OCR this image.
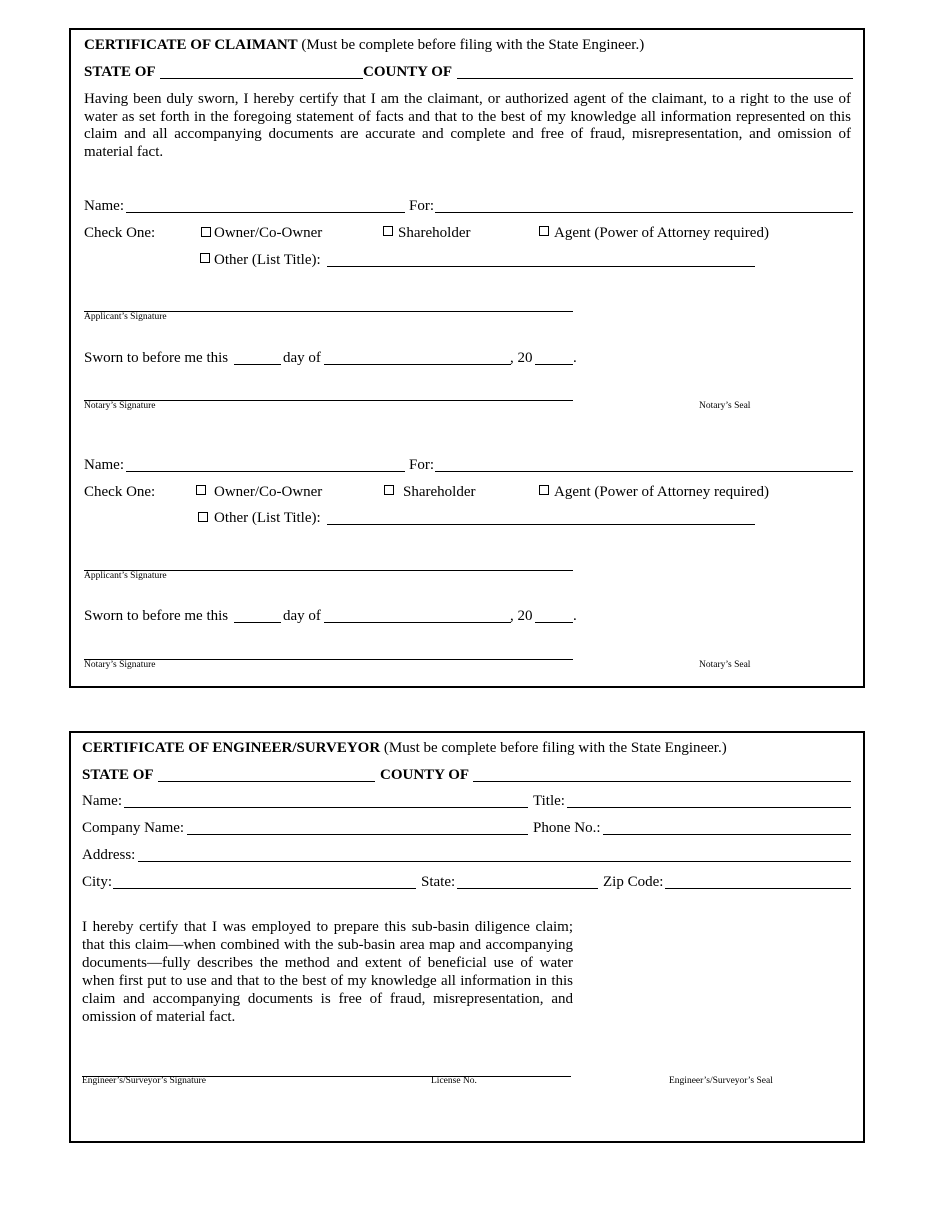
CERTIFICATE OF CLAIMANT (Must be complete before filing with the State Engineer.)
STATE OF	COUNTY OF
Having been duly sworn, I hereby certify that I am the claimant, or authorized agent of the claimant, to a right to the use of water as set forth in the foregoing statement of facts and that to the best of my knowledge all information represented on this claim and all accompanying documents are accurate and complete and free of fraud, misrepresentation, and omission of material fact.
Name:	For:
Check One:	Owner/Co-Owner	Shareholder	Agent (Power of Attorney required)
Other (List Title):
Applicant’s Signature
Sworn to before me this	day of	, 20	.
Notary’s Signature	Notary’s Seal
Name:	For:
Check One:	Owner/Co-Owner	Shareholder	Agent (Power of Attorney required)
Other (List Title):
Applicant’s Signature
Sworn to before me this	day of	, 20	.
Notary’s Signature	Notary’s Seal
CERTIFICATE OF ENGINEER/SURVEYOR (Must be complete before filing with the State Engineer.)
STATE OF	COUNTY OF
Name:	Title:
Company Name:	Phone No.:
Address:
City:	State:	Zip Code:
I hereby certify that I was employed to prepare this sub-basin diligence claim; that this claim—when combined with the sub-basin area map and accompanying documents—fully describes the method and extent of beneficial use of water when first put to use and that to the best of my knowledge all information in this claim and accompanying documents is free of fraud, misrepresentation, and omission of material fact.
Engineer’s/Surveyor’s Signature	License No.	Engineer’s/Surveyor’s Seal
